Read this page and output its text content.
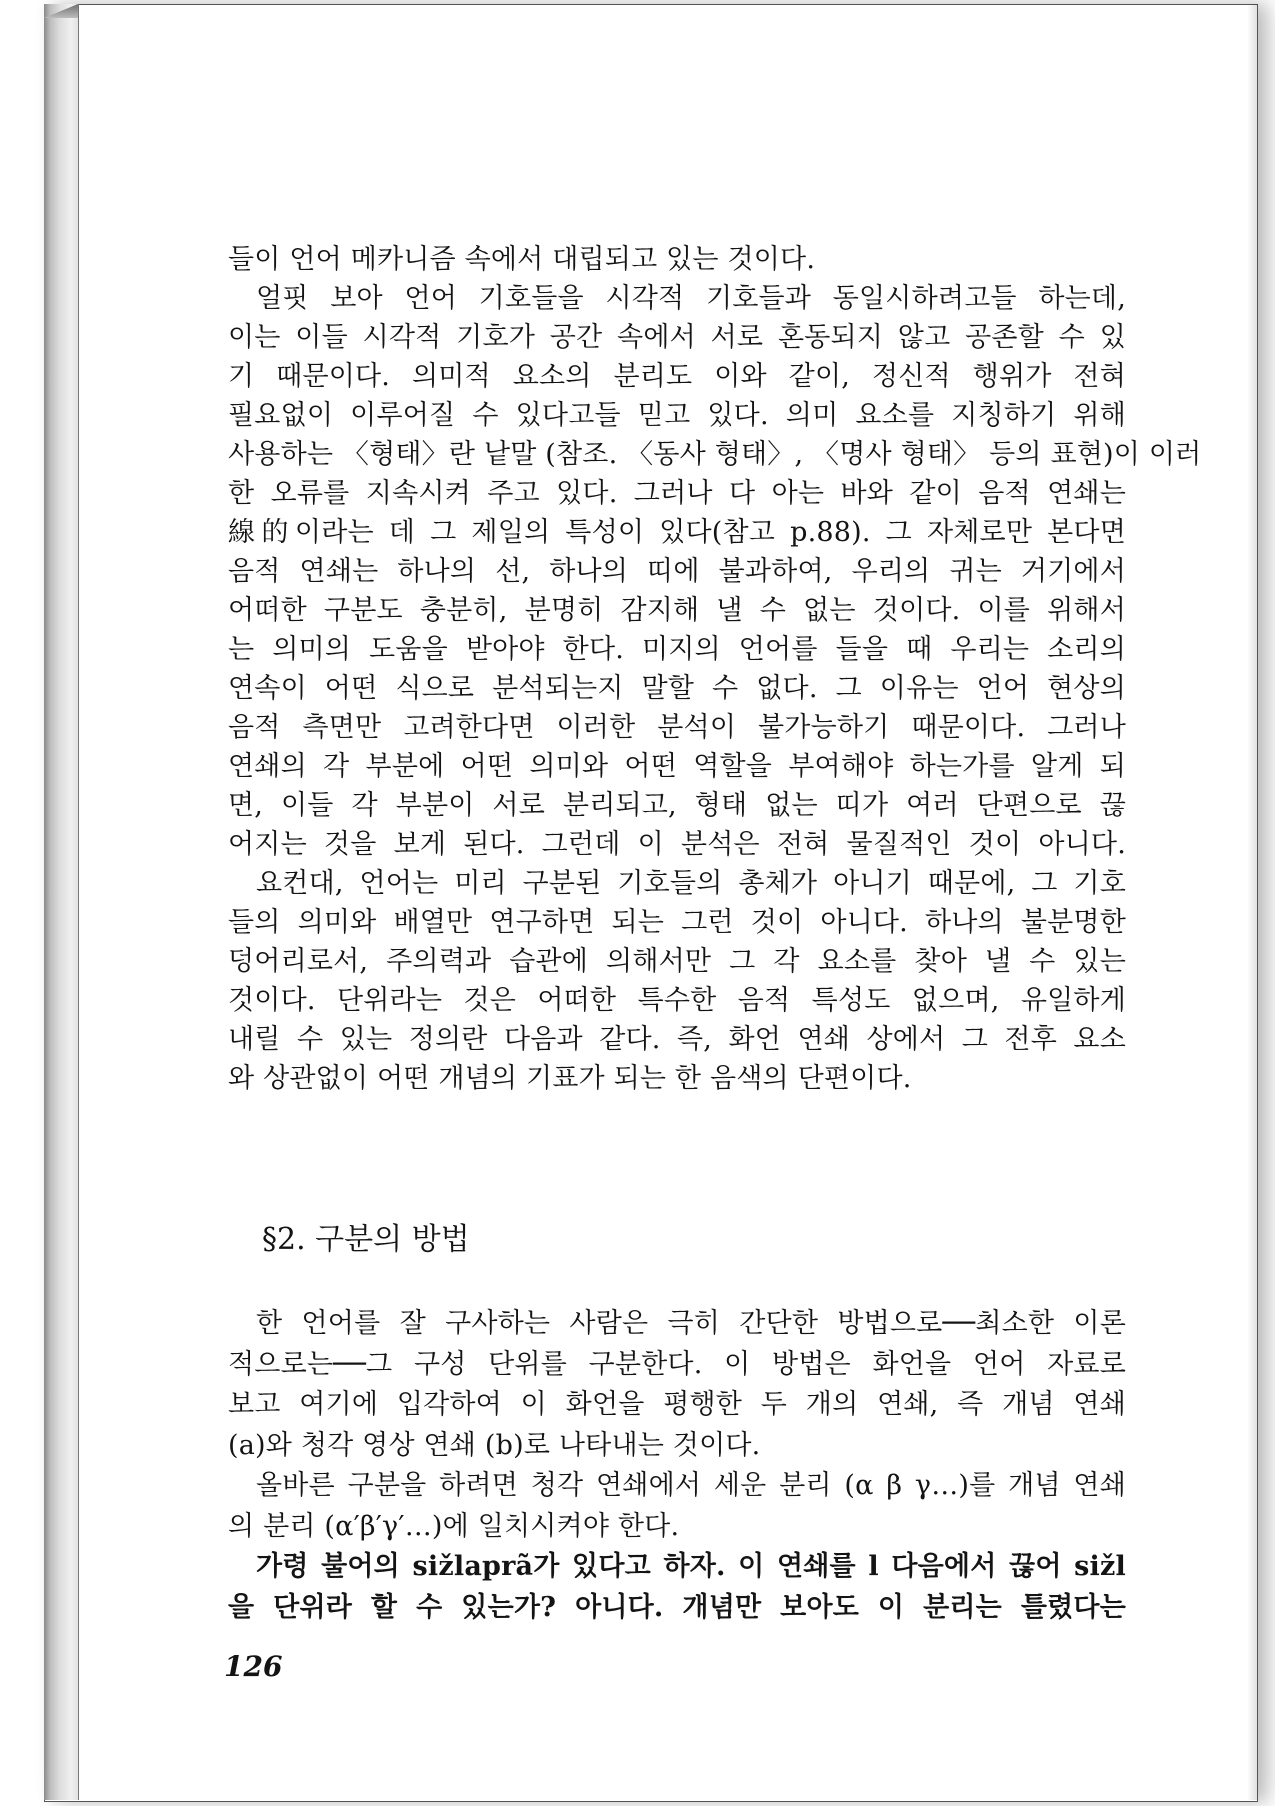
들이 언어 메카니즘 속에서 대립되고 있는 것이다.
얼핏 보아 언어 기호들을 시각적 기호들과 동일시하려고들 하는데,
이는 이들 시각적 기호가 공간 속에서 서로 혼동되지 않고 공존할 수 있
기 때문이다. 의미적 요소의 분리도 이와 같이, 정신적 행위가 전혀
필요없이 이루어질 수 있다고들 믿고 있다. 의미 요소를 지칭하기 위해
사용하는 〈형태〉란 낱말 (참조. 〈동사 형태〉, 〈명사 형태〉 등의 표현)이 이러
한 오류를 지속시켜 주고 있다. 그러나 다 아는 바와 같이 음적 연쇄는
線的이라는 데 그 제일의 특성이 있다(참고 p.88). 그 자체로만 본다면
음적 연쇄는 하나의 선, 하나의 띠에 불과하여, 우리의 귀는 거기에서
어떠한 구분도 충분히, 분명히 감지해 낼 수 없는 것이다. 이를 위해서
는 의미의 도움을 받아야 한다. 미지의 언어를 들을 때 우리는 소리의
연속이 어떤 식으로 분석되는지 말할 수 없다. 그 이유는 언어 현상의
음적 측면만 고려한다면 이러한 분석이 불가능하기 때문이다. 그러나
연쇄의 각 부분에 어떤 의미와 어떤 역할을 부여해야 하는가를 알게 되
면, 이들 각 부분이 서로 분리되고, 형태 없는 띠가 여러 단편으로 끊
어지는 것을 보게 된다. 그런데 이 분석은 전혀 물질적인 것이 아니다.
요컨대, 언어는 미리 구분된 기호들의 총체가 아니기 때문에, 그 기호
들의 의미와 배열만 연구하면 되는 그런 것이 아니다. 하나의 불분명한
덩어리로서, 주의력과 습관에 의해서만 그 각 요소를 찾아 낼 수 있는
것이다. 단위라는 것은 어떠한 특수한 음적 특성도 없으며, 유일하게
내릴 수 있는 정의란 다음과 같다. 즉, 화언 연쇄 상에서 그 전후 요소
와 상관없이 어떤 개념의 기표가 되는 한 음색의 단편이다.
§2. 구분의 방법
한 언어를 잘 구사하는 사람은 극히 간단한 방법으로──최소한 이론
적으로는──그 구성 단위를 구분한다. 이 방법은 화언을 언어 자료로
보고 여기에 입각하여 이 화언을 평행한 두 개의 연쇄, 즉 개념 연쇄
(a)와 청각 영상 연쇄 (b)로 나타내는 것이다.
올바른 구분을 하려면 청각 연쇄에서 세운 분리 (α β γ…)를 개념 연쇄
의 분리 (α′β′γ′…)에 일치시켜야 한다.
가령 불어의 sižlaprã가 있다고 하자. 이 연쇄를 l 다음에서 끊어 sižl
을 단위라 할 수 있는가? 아니다. 개념만 보아도 이 분리는 틀렸다는
126
